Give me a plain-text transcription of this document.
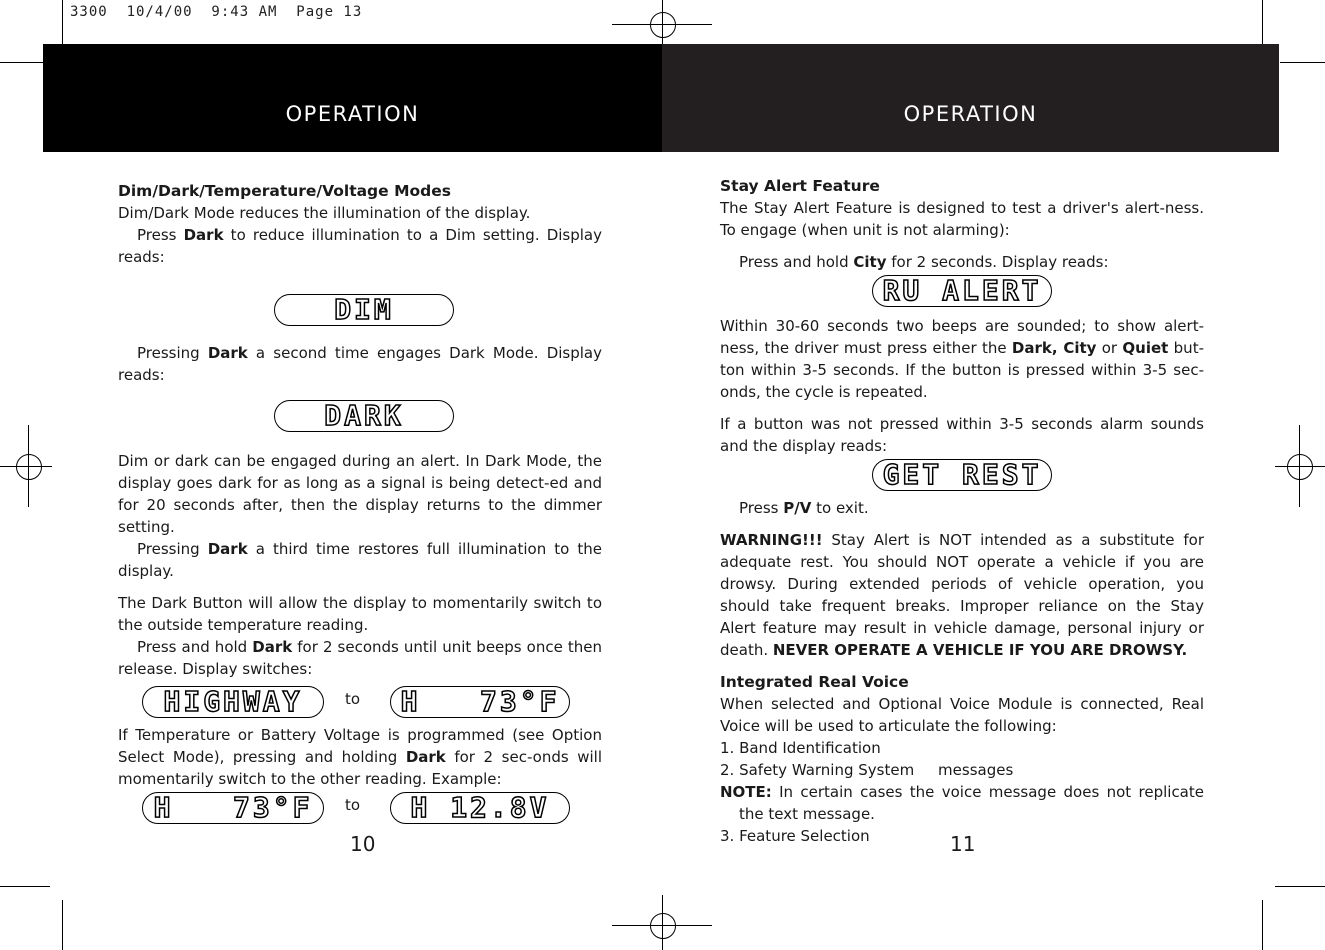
3300  10/4/00  9:43 AM  Page 13
OPERATION	OPERATION

Dim/Dark/Temperature/Voltage Modes

Dim/Dark Mode reduces the illumination of the display.

Press Dark to reduce illumination to a Dim setting. Display reads:

DIM

Pressing Dark a second time engages Dark Mode. Display reads:

DARK

Dim or dark can be engaged during an alert. In Dark Mode, the display goes dark for as long as a signal is being detect-ed and for 20 seconds after, then the display returns to the dimmer setting.

Pressing Dark a third time restores full illumination to the display.

The Dark Button will allow the display to momentarily switch to the outside temperature reading.

Press and hold Dark for 2 seconds until unit beeps once then release. Display switches:

HIGHWAY	to	H   73°F

If Temperature or Battery Voltage is programmed (see Option Select Mode), pressing and holding Dark for 2 sec-onds will momentarily switch to the other reading. Example:

H   73°F	to	H 12.8V
10

Stay Alert Feature

The Stay Alert Feature is designed to test a driver's alert-ness. To engage (when unit is not alarming):

Press and hold City for 2 seconds. Display reads:

RU ALERT

Within 30-60 seconds two beeps are sounded; to show alert-ness, the driver must press either the Dark, City or Quiet but-ton within 3-5 seconds. If the button is pressed within 3-5 sec-onds, the cycle is repeated.

If a button was not pressed within 3-5 seconds alarm sounds and the display reads:

GET REST

Press P/V to exit.

WARNING!!! Stay Alert is NOT intended as a substitute for adequate rest. You should NOT operate a vehicle if you are drowsy. During extended periods of vehicle operation, you should take frequent breaks. Improper reliance on the Stay Alert feature may result in vehicle damage, personal injury or death. NEVER OPERATE A VEHICLE IF YOU ARE DROWSY.

Integrated Real Voice

When selected and Optional Voice Module is connected, Real Voice will be used to articulate the following:

1. Band Identification

2. Safety Warning System     messages

NOTE: In certain cases the voice message does not replicate the text message.

3. Feature Selection	11
